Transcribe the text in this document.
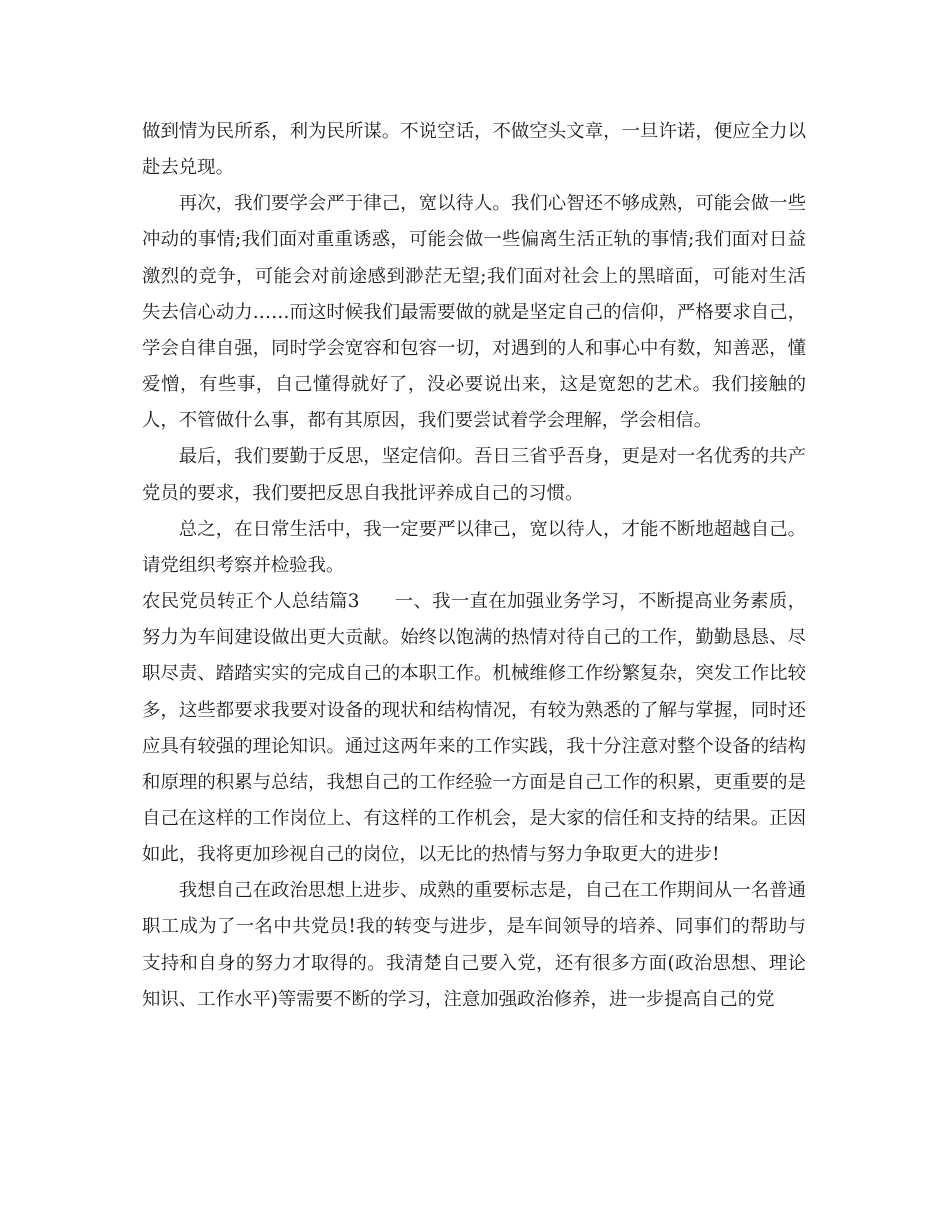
做到情为民所系，利为民所谋。不说空话，不做空头文章，一旦许诺，便应全力以赴去兑现。

再次，我们要学会严于律己，宽以待人。我们心智还不够成熟，可能会做一些冲动的事情;我们面对重重诱惑，可能会做一些偏离生活正轨的事情;我们面对日益激烈的竞争，可能会对前途感到渺茫无望;我们面对社会上的黑暗面，可能对生活失去信心动力……而这时候我们最需要做的就是坚定自己的信仰，严格要求自己，学会自律自强，同时学会宽容和包容一切，对遇到的人和事心中有数，知善恶，懂爱憎，有些事，自己懂得就好了，没必要说出来，这是宽恕的艺术。我们接触的人，不管做什么事，都有其原因，我们要尝试着学会理解，学会相信。

最后，我们要勤于反思，坚定信仰。吾日三省乎吾身，更是对一名优秀的共产党员的要求，我们要把反思自我批评养成自己的习惯。

总之，在日常生活中，我一定要严以律己，宽以待人，才能不断地超越自己。请党组织考察并检验我。

农民党员转正个人总结篇3 一、我一直在加强业务学习，不断提高业务素质，努力为车间建设做出更大贡献。始终以饱满的热情对待自己的工作，勤勤恳恳、尽职尽责、踏踏实实的完成自己的本职工作。机械维修工作纷繁复杂，突发工作比较多，这些都要求我要对设备的现状和结构情况，有较为熟悉的了解与掌握，同时还应具有较强的理论知识。通过这两年来的工作实践，我十分注意对整个设备的结构和原理的积累与总结，我想自己的工作经验一方面是自己工作的积累，更重要的是自己在这样的工作岗位上、有这样的工作机会，是大家的信任和支持的结果。正因如此，我将更加珍视自己的岗位，以无比的热情与努力争取更大的进步!

我想自己在政治思想上进步、成熟的重要标志是，自己在工作期间从一名普通职工成为了一名中共党员!我的转变与进步，是车间领导的培养、同事们的帮助与支持和自身的努力才取得的。我清楚自己要入党，还有很多方面(政治思想、理论知识、工作水平)等需要不断的学习，注意加强政治修养，进一步提高自己的党
